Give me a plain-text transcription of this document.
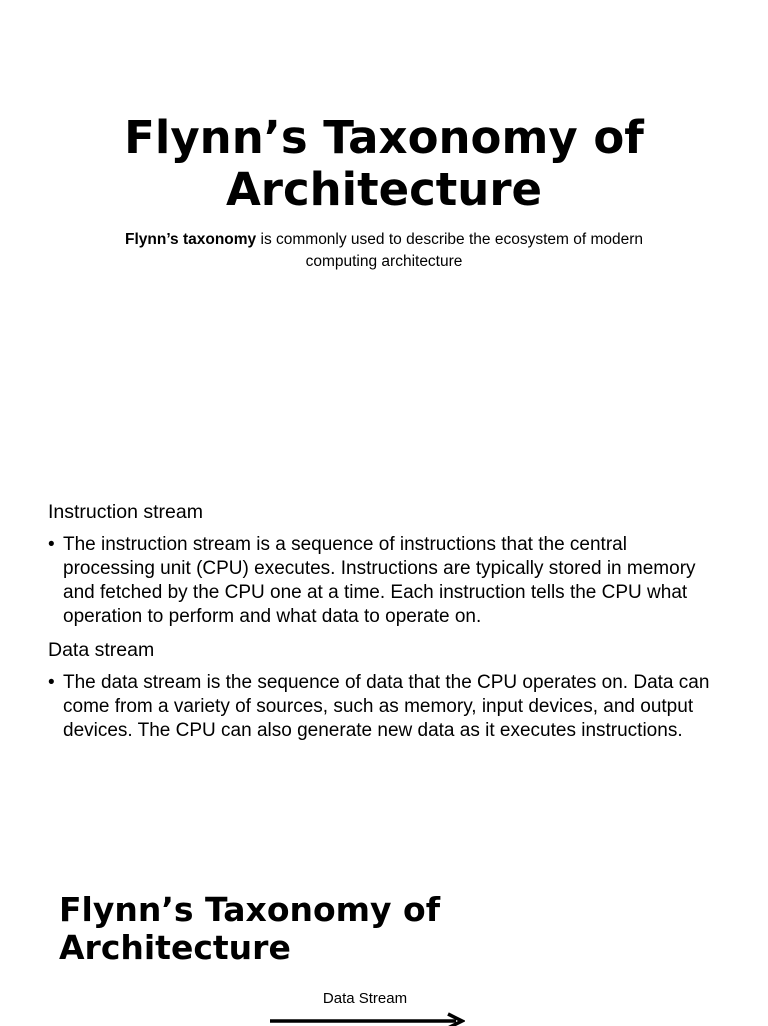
Flynn’s Taxonomy of Architecture

Flynn’s taxonomy is commonly used to describe the ecosystem of modern computing architecture

Instruction stream
• The instruction stream is a sequence of instructions that the central processing unit (CPU) executes. Instructions are typically stored in memory and fetched by the CPU one at a time. Each instruction tells the CPU what operation to perform and what data to operate on.
Data stream
• The data stream is the sequence of data that the CPU operates on. Data can come from a variety of sources, such as memory, input devices, and output devices. The CPU can also generate new data as it executes instructions.
Flynn’s Taxonomy of Architecture
Data Stream
